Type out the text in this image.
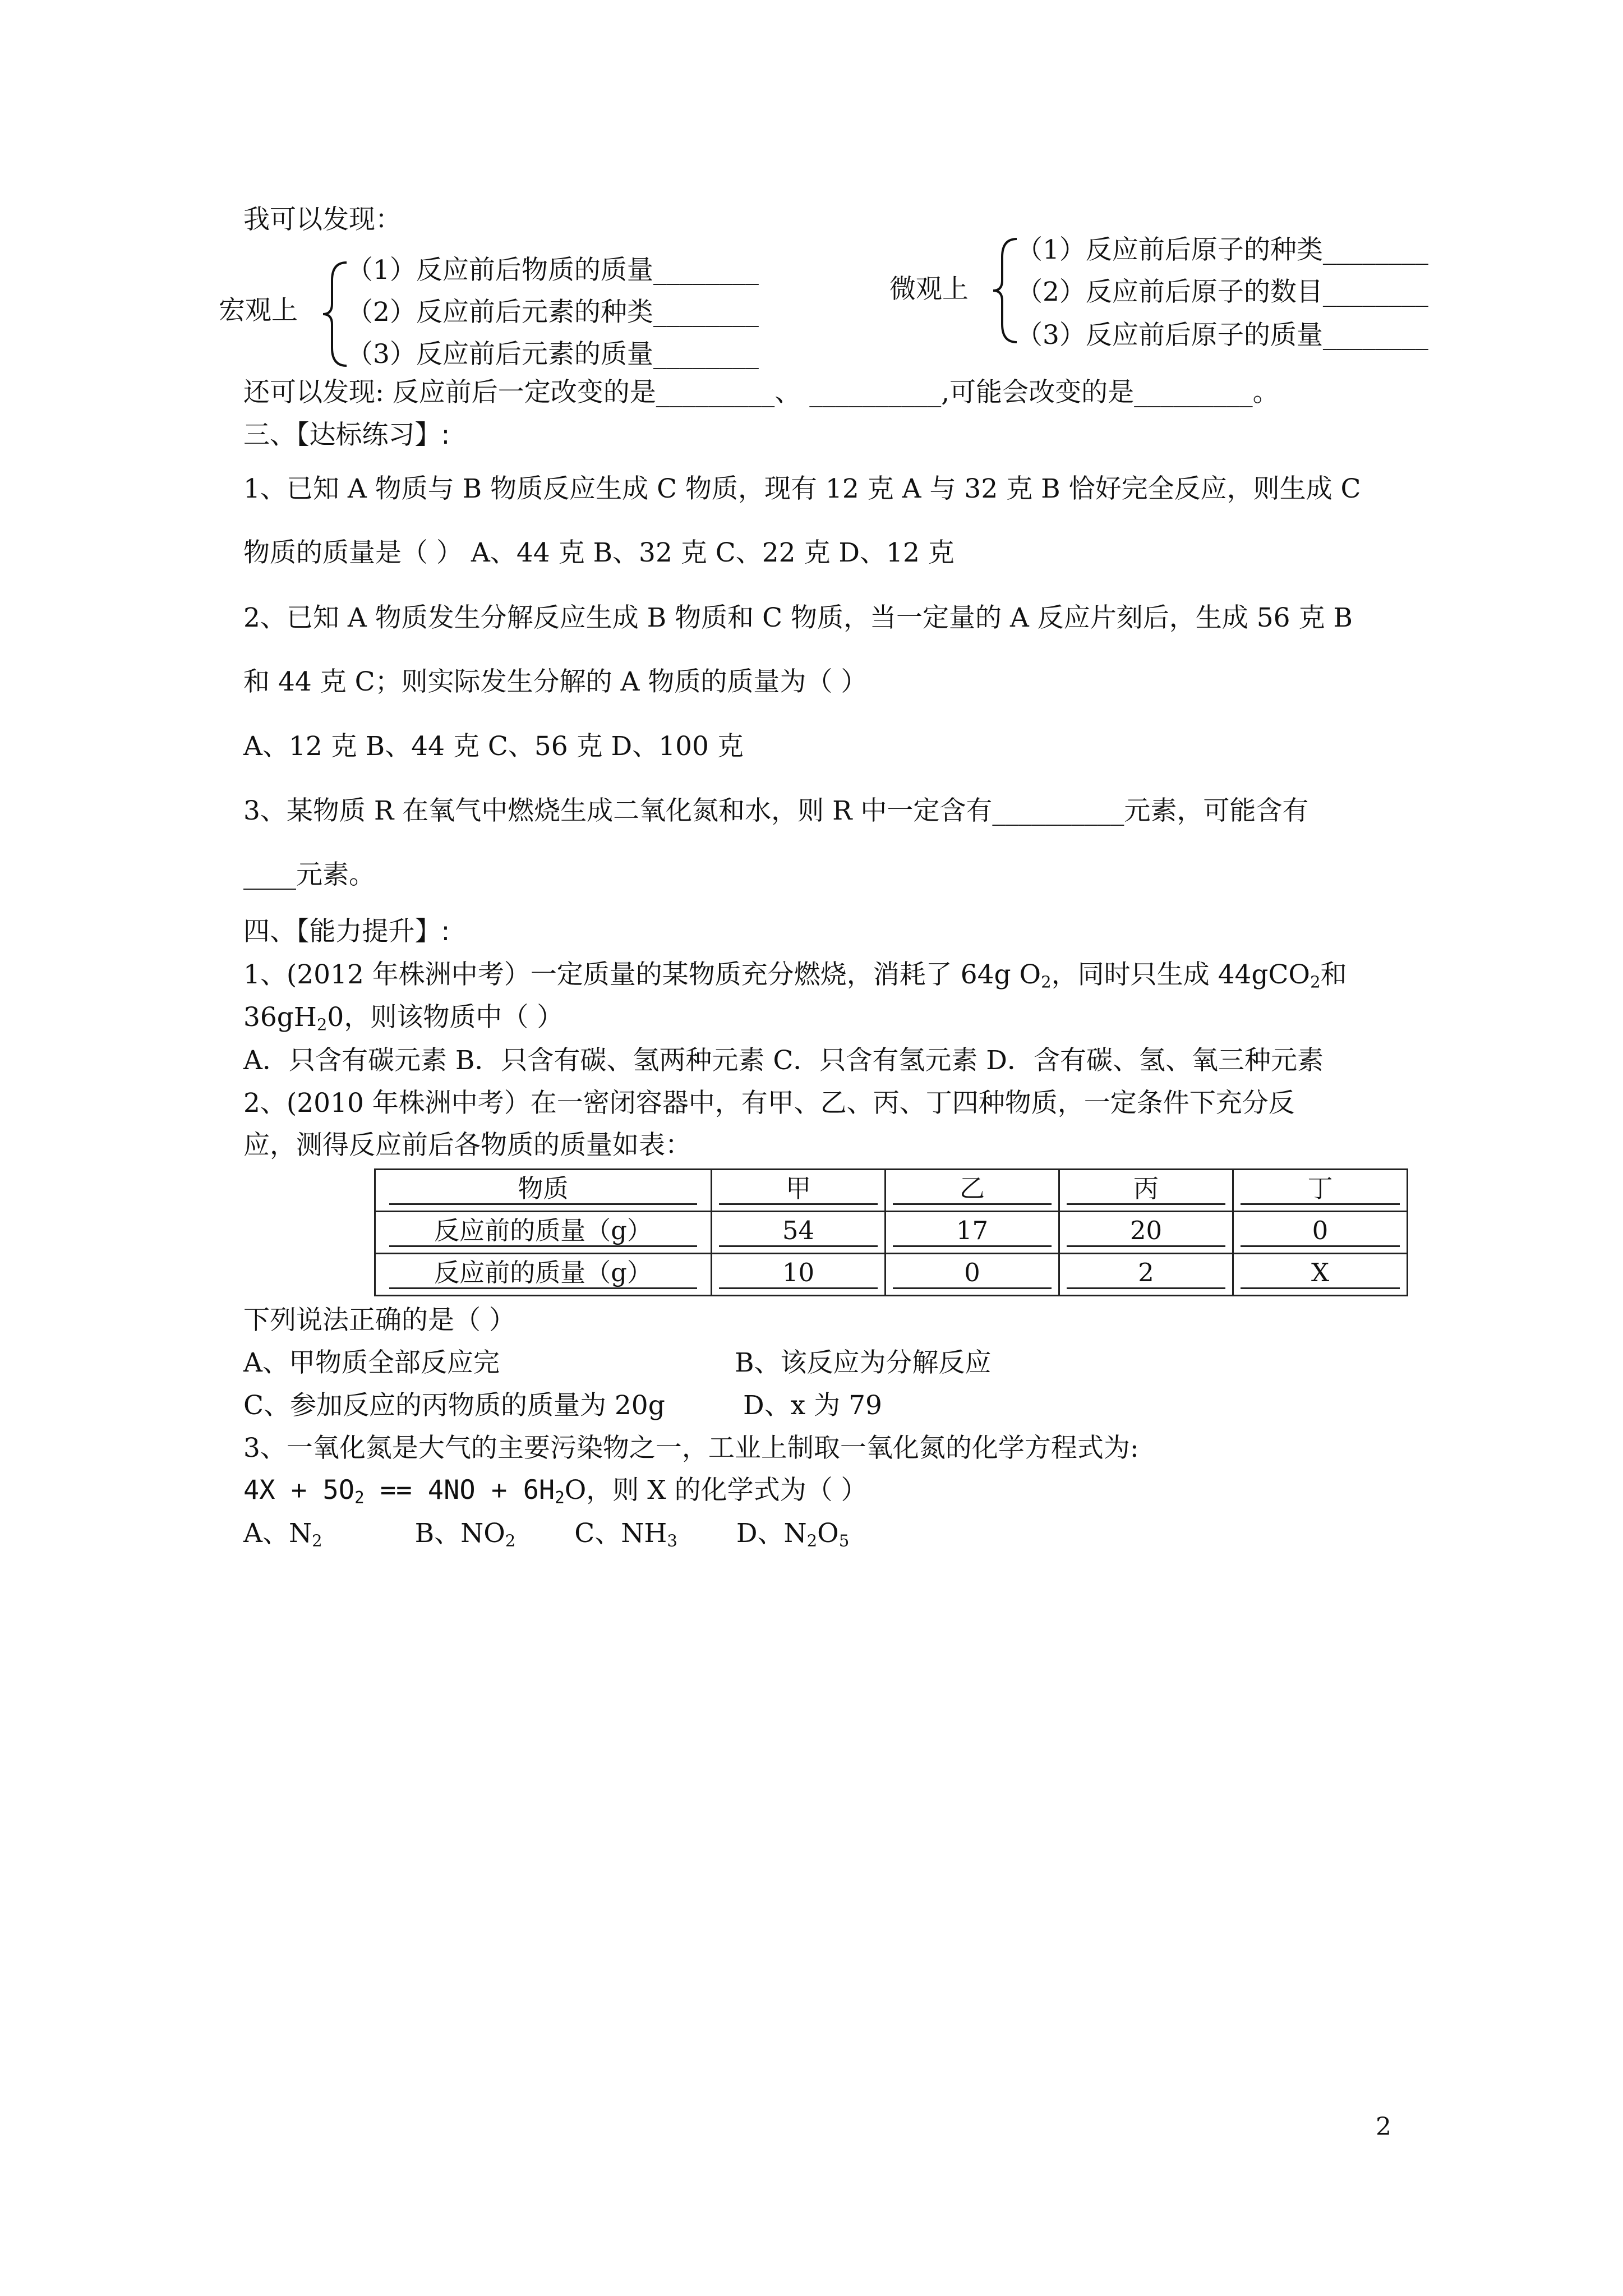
我可以发现：
宏观上
（1）反应前后物质的质量________
（2）反应前后元素的种类________
（3）反应前后元素的质量________
微观上
（1）反应前后原子的种类________
（2）反应前后原子的数目________
（3）反应前后原子的质量________
还可以发现: 反应前后一定改变的是_________、 __________,可能会改变的是_________。
三、【达标练习】:
1、已知 A 物质与 B 物质反应生成 C 物质，现有 12 克 A 与 32 克 B 恰好完全反应，则生成 C
物质的质量是（ ） A、44 克 B、32 克 C、22 克 D、12 克
2、已知 A 物质发生分解反应生成 B 物质和 C 物质，当一定量的 A 反应片刻后，生成 56 克 B
和 44 克 C；则实际发生分解的 A 物质的质量为（ ）
A、12 克 B、44 克 C、56 克 D、100 克
3、某物质 R 在氧气中燃烧生成二氧化氮和水，则 R 中一定含有__________元素，可能含有
____元素。
四、【能力提升】:
1、(2012 年株洲中考）一定质量的某物质充分燃烧，消耗了 64g $O_2$，同时只生成 44gCO$_2$和
$36gH_20$，则该物质中（ ）
A．只含有碳元素 B．只含有碳、氢两种元素 C．只含有氢元素 D．含有碳、氢、氧三种元素
2、(2010 年株洲中考）在一密闭容器中，有甲、乙、丙、丁四种物质，一定条件下充分反
应，测得反应前后各物质的质量如表：
物质	甲	乙	丙	丁
反应前的质量（g）	54	17	20	0
反应前的质量（g）	10	0	2	X
下列说法正确的是（ ）
A、甲物质全部反应完	B、该反应为分解反应
C、参加反应的丙物质的质量为 20g	D、x 为 79
3、一氧化氮是大气的主要污染物之一，工业上制取一氧化氮的化学方程式为:
$4X + 5O_2 == 4NO + 6H_2O$，则 X 的化学式为（ ）
A、$N_2$	B、$NO_2$ C、$NH_3$ D、$N_2O_5$
2
